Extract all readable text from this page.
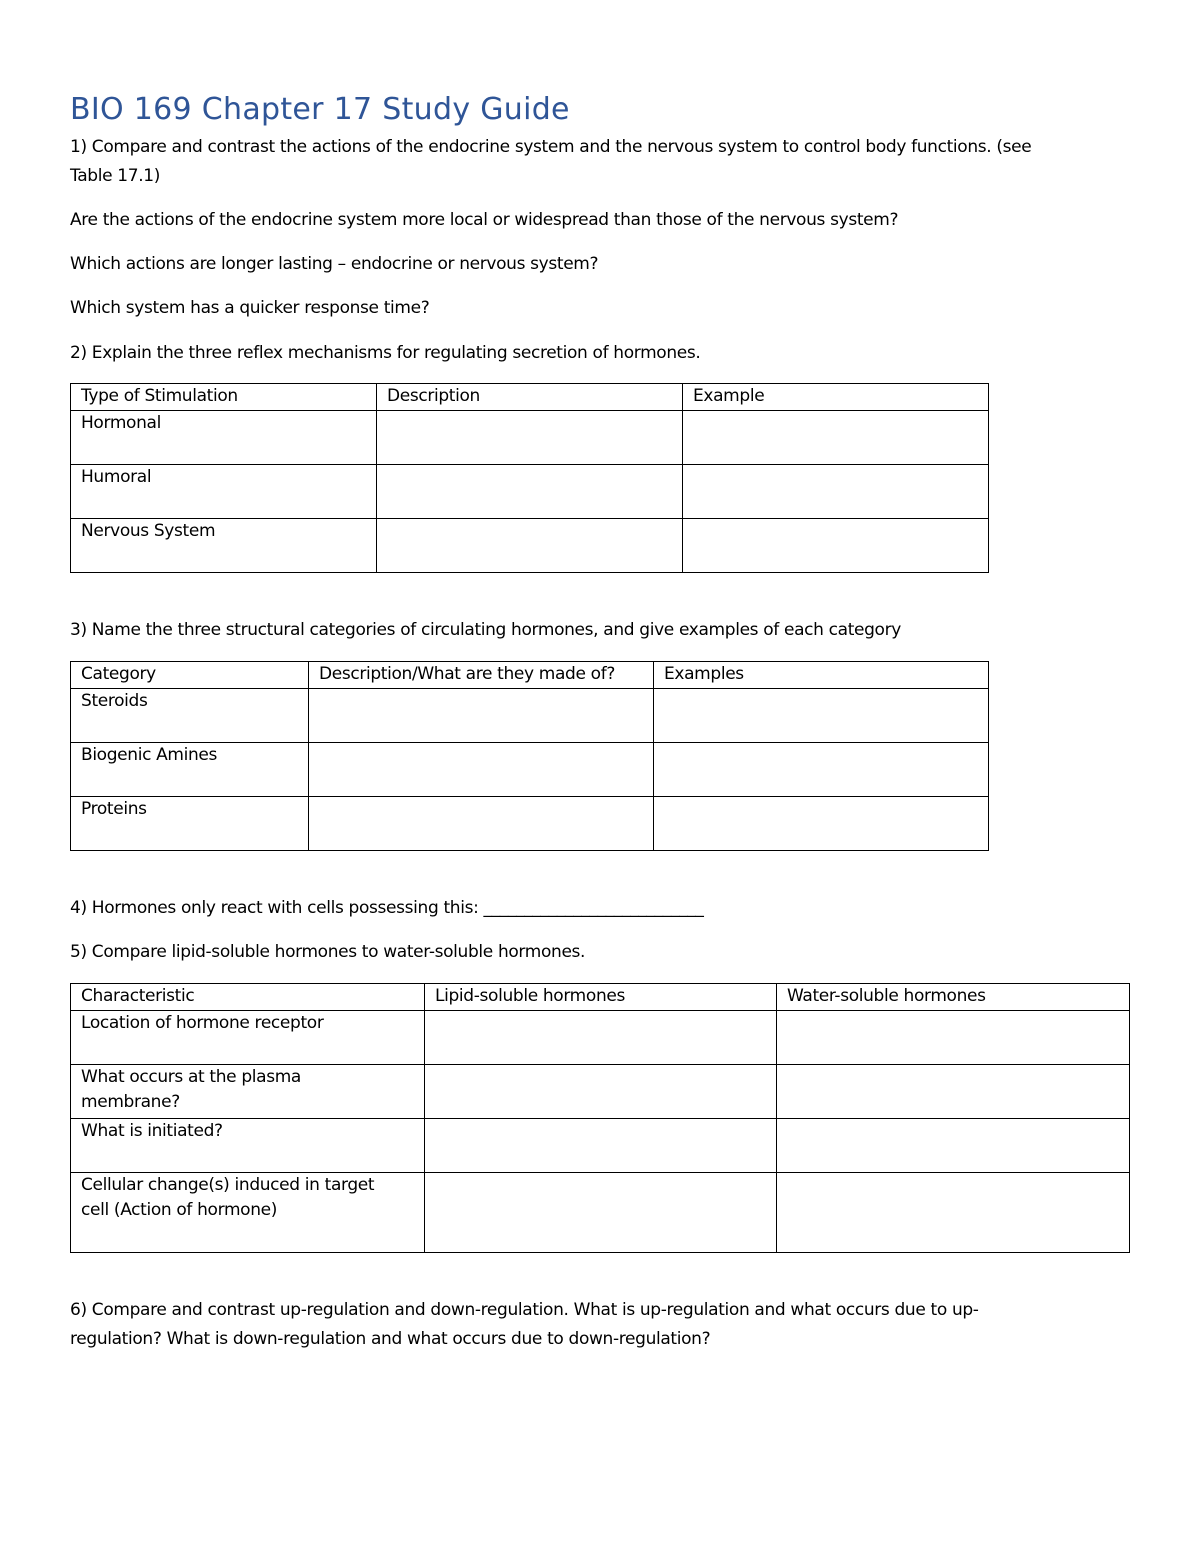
BIO 169 Chapter 17 Study Guide

1) Compare and contrast the actions of the endocrine system and the nervous system to control body functions. (see

Table 17.1)

Are the actions of the endocrine system more local or widespread than those of the nervous system?

Which actions are longer lasting – endocrine or nervous system?

Which system has a quicker response time?

2) Explain the three reflex mechanisms for regulating secretion of hormones.

Type of Stimulation	Description	Example
Hormonal		
Humoral		
Nervous System		

3) Name the three structural categories of circulating hormones, and give examples of each category

Category	Description/What are they made of?	Examples
Steroids		
Biogenic Amines		
Proteins		

4) Hormones only react with cells possessing this: ___________________________

5) Compare lipid-soluble hormones to water-soluble hormones.

Characteristic	Lipid-soluble hormones	Water-soluble hormones

Location of hormone receptor		

What occurs at the plasma
membrane?		

What is initiated?		

Cellular change(s) induced in target
cell (Action of hormone)		

6) Compare and contrast up-regulation and down-regulation. What is up-regulation and what occurs due to up-

regulation? What is down-regulation and what occurs due to down-regulation?
